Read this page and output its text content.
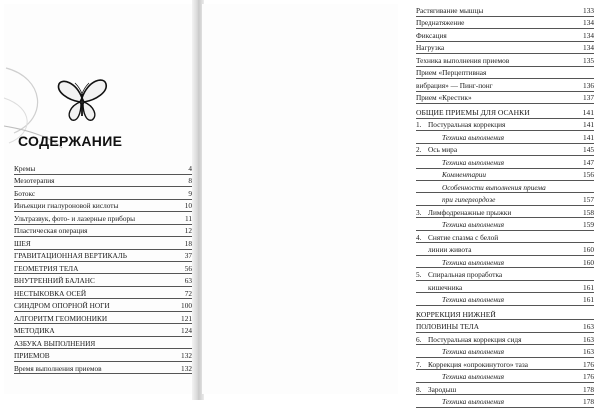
СОДЕРЖАНИЕ
Кремы	4
Мезотерапия	8
Ботокс	9
Инъекции гиалуроновой кислоты	10
Ультразвук, фото- и лазерные приборы	11
Пластическая операция	12
ШЕЯ	18
ГРАВИТАЦИОННАЯ ВЕРТИКАЛЬ	37
ГЕОМЕТРИЯ ТЕЛА	56
ВНУТРЕННИЙ БАЛАНС	63
НЕСТЫКОВКА ОСЕЙ	72
СИНДРОМ ОПОРНОЙ НОГИ	100
АЛГОРИТМ ГЕОМИОНИКИ	121
МЕТОДИКА	124
АЗБУКА ВЫПОЛНЕНИЯ
ПРИЕМОВ	132
Время выполнения приемов	132
Растягивание мышцы	133
Преднатяжение	134
Фиксация	134
Нагрузка	134
Техника выполнения приемов	135
Прием «Перцептивная
вибрация» — Пинг-понг	136
Прием «Крестик»	137
ОБЩИЕ ПРИЕМЫ ДЛЯ ОСАНКИ	141
1. Постуральная коррекция	141
Техника выполнения	141
2. Ось мира	145
Техника выполнения	147
Комментарии	156
Особенности выполнения приема
при гиперлордозе	157
3. Лимфодренажные прыжки	158
Техника выполнения	159
4. Снятие спазма с белой
линии живота	160
Техника выполнения	160
5. Спиральная проработка
кишечника	161
Техника выполнения	161
КОРРЕКЦИЯ НИЖНЕЙ
ПОЛОВИНЫ ТЕЛА	163
6. Постуральная коррекция сидя	163
Техника выполнения	163
7. Коррекция «опрокинутого» таза	176
Техника выполнения	176
8. Зародыш	178
Техника выполнения	178
